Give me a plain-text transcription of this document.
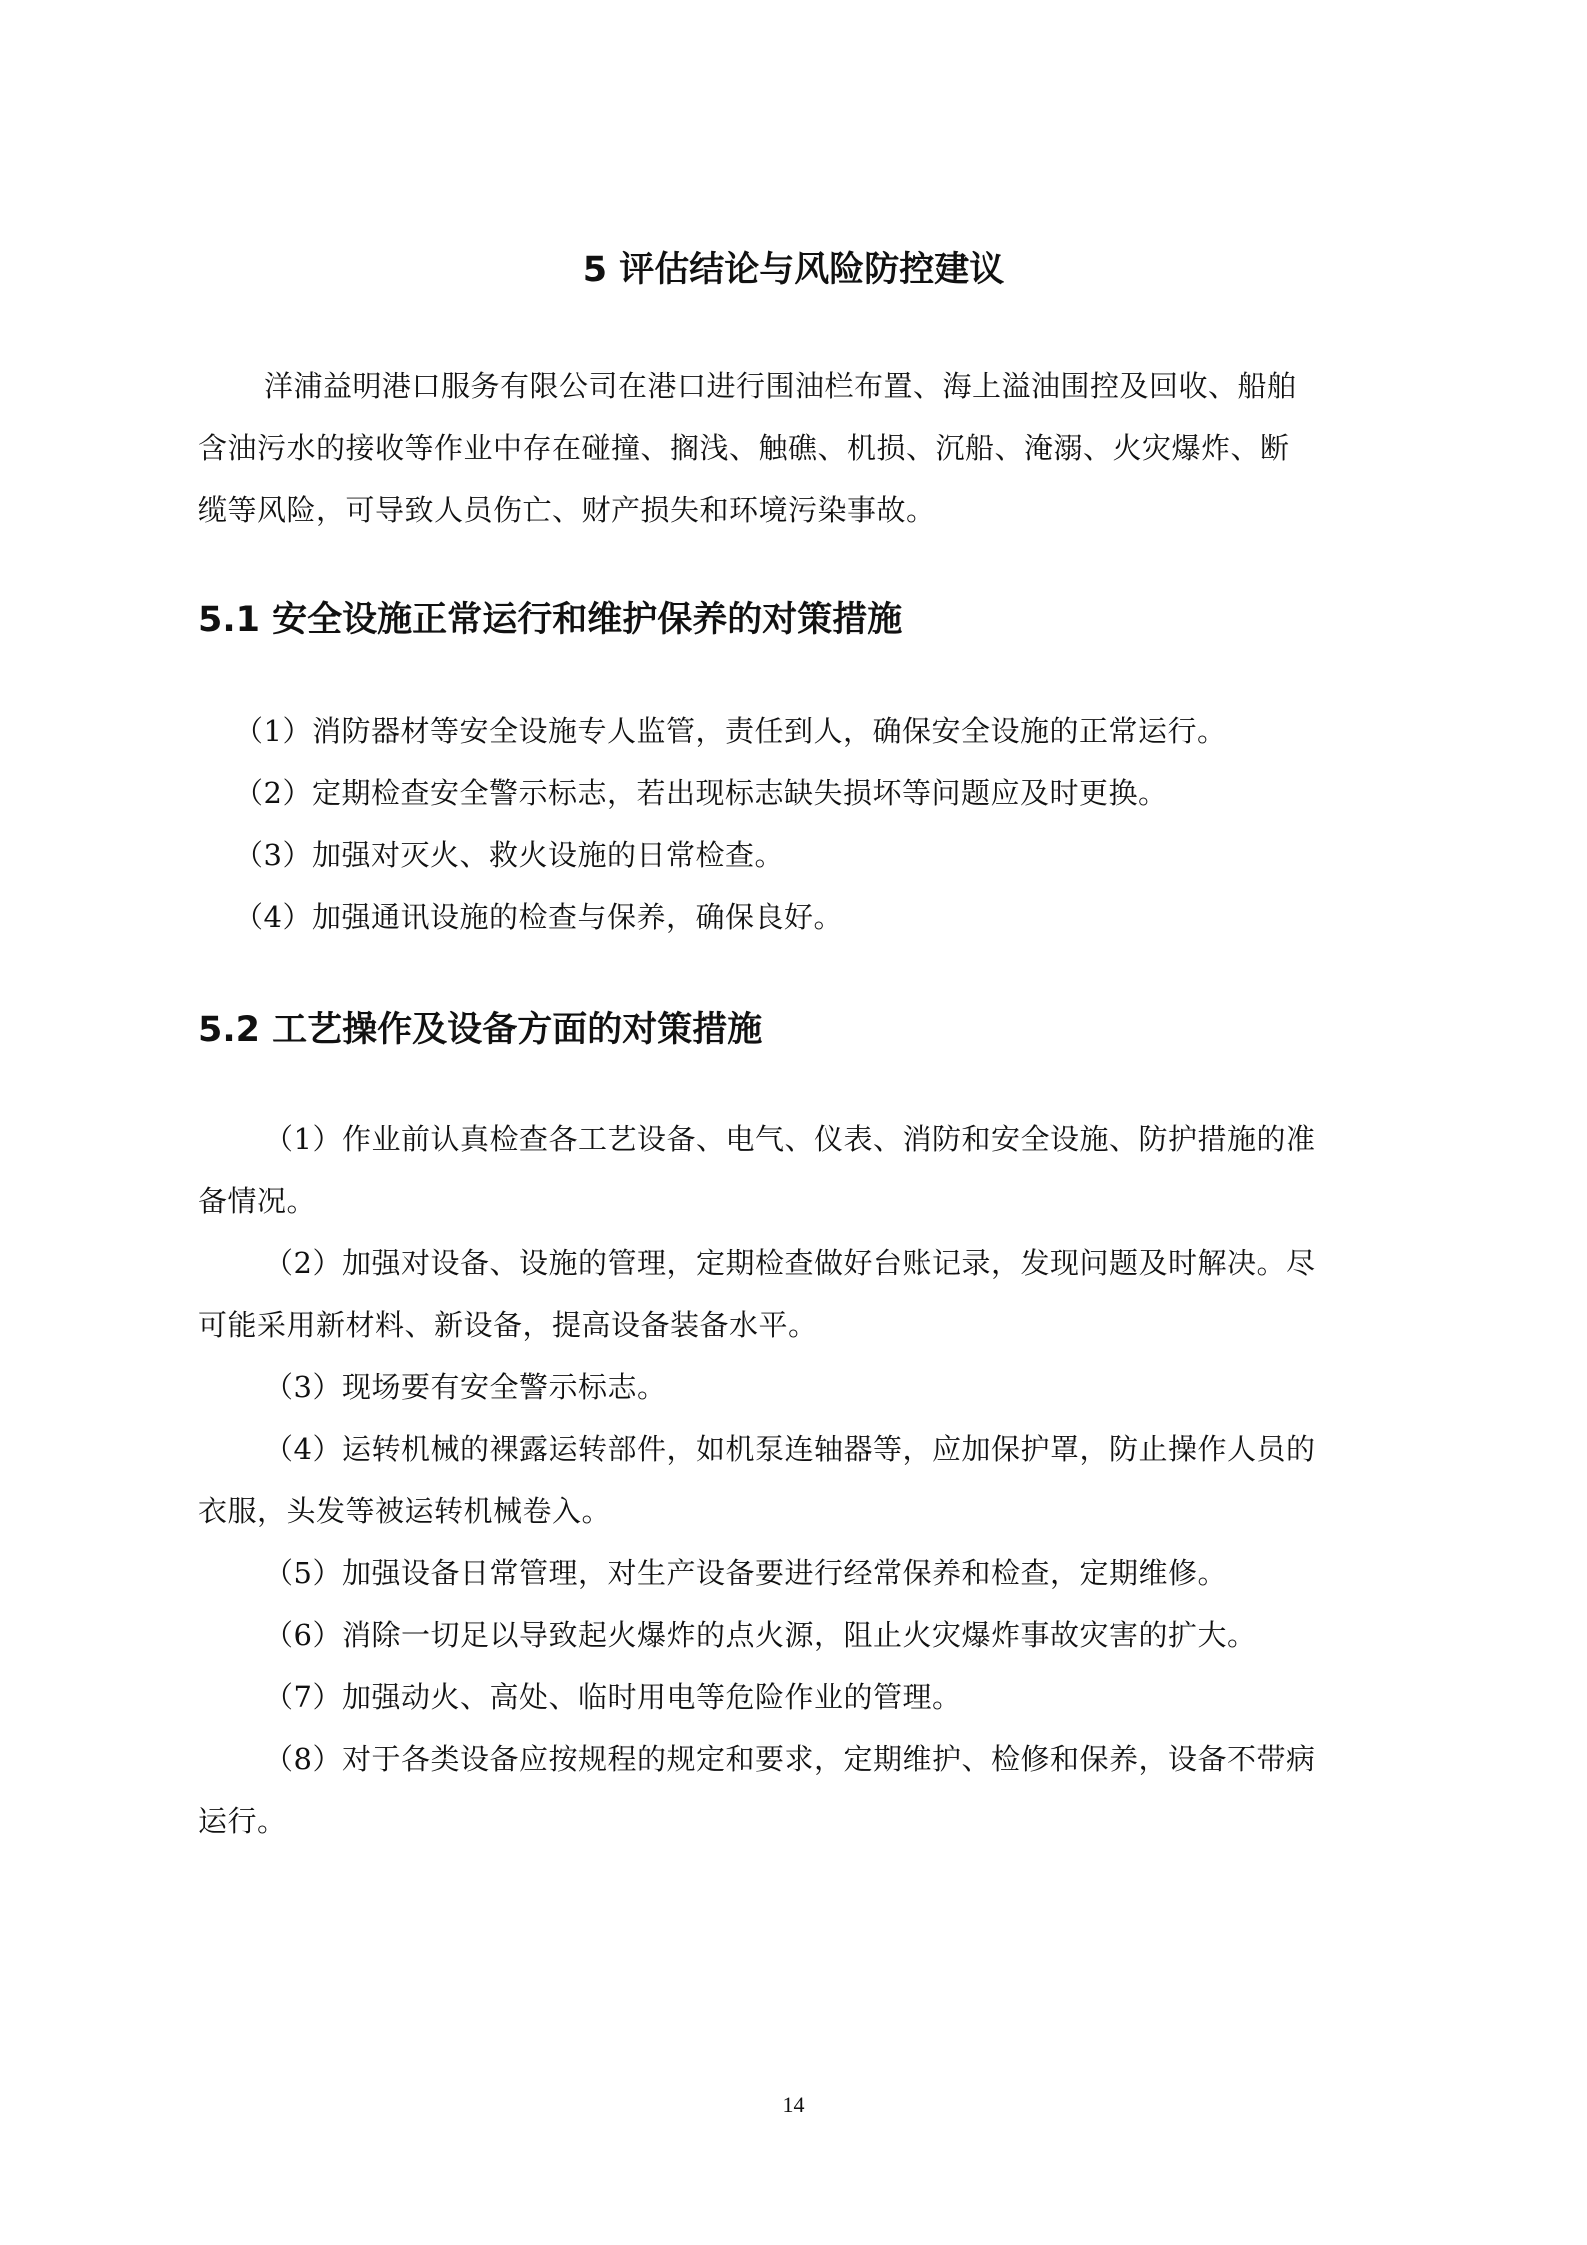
5 评估结论与风险防控建议
洋浦益明港口服务有限公司在港口进行围油栏布置、海上溢油围控及回收、船舶
含油污水的接收等作业中存在碰撞、搁浅、触礁、机损、沉船、淹溺、火灾爆炸、断
缆等风险，可导致人员伤亡、财产损失和环境污染事故。
5.1 安全设施正常运行和维护保养的对策措施
（1）消防器材等安全设施专人监管，责任到人，确保安全设施的正常运行。
（2）定期检查安全警示标志，若出现标志缺失损坏等问题应及时更换。
（3）加强对灭火、救火设施的日常检查。
（4）加强通讯设施的检查与保养，确保良好。
5.2 工艺操作及设备方面的对策措施
（1）作业前认真检查各工艺设备、电气、仪表、消防和安全设施、防护措施的准
备情况。
（2）加强对设备、设施的管理，定期检查做好台账记录，发现问题及时解决。尽
可能采用新材料、新设备，提高设备装备水平。
（3）现场要有安全警示标志。
（4）运转机械的裸露运转部件，如机泵连轴器等，应加保护罩，防止操作人员的
衣服，头发等被运转机械卷入。
（5）加强设备日常管理，对生产设备要进行经常保养和检查，定期维修。
（6）消除一切足以导致起火爆炸的点火源，阻止火灾爆炸事故灾害的扩大。
（7）加强动火、高处、临时用电等危险作业的管理。
（8）对于各类设备应按规程的规定和要求，定期维护、检修和保养，设备不带病
运行。
14
